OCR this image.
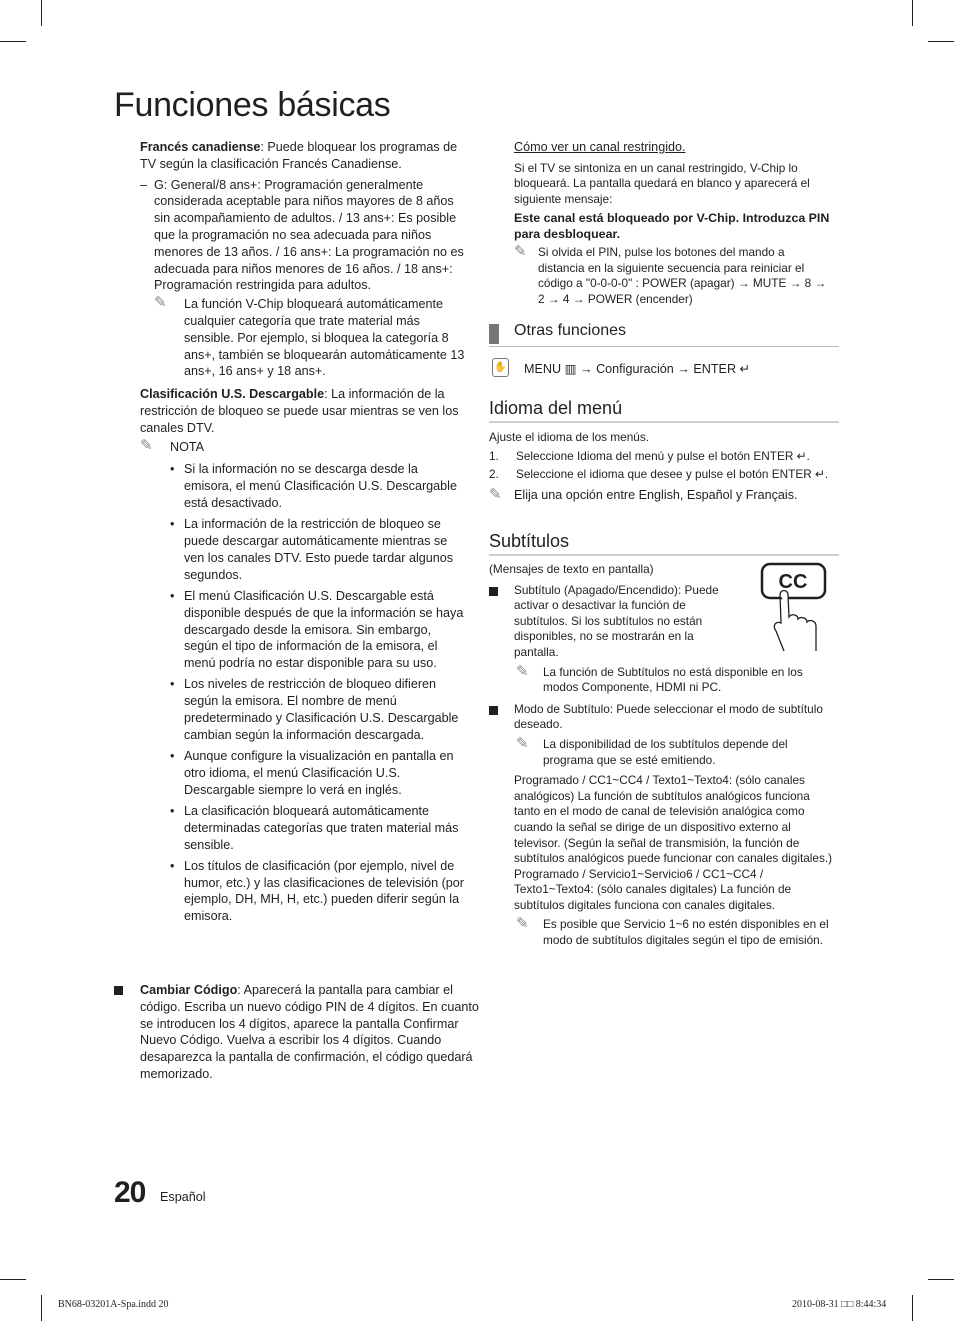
Funciones básicas

Francés canadiense: Puede bloquear los programas de TV según la clasificación Francés Canadiense.

– G: General/8 ans+: Programación generalmente considerada aceptable para niños mayores de 8 años sin acompañamiento de adultos. / 13 ans+: Es posible que la programación no sea adecuada para niños menores de 13 años. / 16 ans+: La programación no es adecuada para niños menores de 16 años. / 18 ans+: Programación restringida para adultos.

✎	La función V-Chip bloqueará automáticamente cualquier categoría que trate material más sensible. Por ejemplo, si bloquea la categoría 8 ans+, también se bloquearán automáticamente 13 ans+, 16 ans+ y 18 ans+.

Clasificación U.S. Descargable: La información de la restricción de bloqueo se puede usar mientras se ven los canales DTV.

✎	NOTA
• Si la información no se descarga desde la emisora, el menú Clasificación U.S. Descargable está desactivado.

• La información de la restricción de bloqueo se puede descargar automáticamente mientras se ven los canales DTV. Esto puede tardar algunos segundos.

• El menú Clasificación U.S. Descargable está disponible después de que la información se haya descargado desde la emisora. Sin embargo, según el tipo de información de la emisora, el menú podría no estar disponible para su uso.

• Los niveles de restricción de bloqueo difieren según la emisora. El nombre de menú predeterminado y Clasificación U.S. Descargable cambian según la información descargada.

• Aunque configure la visualización en pantalla en otro idioma, el menú Clasificación U.S. Descargable siempre lo verá en inglés.

• La clasificación bloqueará automáticamente determinadas categorías que traten material más sensible.

• Los títulos de clasificación (por ejemplo, nivel de humor, etc.) y las clasificaciones de televisión (por ejemplo, DH, MH, H, etc.) pueden diferir según la emisora.

Cambiar Código: Aparecerá la pantalla para cambiar el código. Escriba un nuevo código PIN de 4 dígitos. En cuanto se introducen los 4 dígitos, aparece la pantalla Confirmar Nuevo Código. Vuelva a escribir los 4 dígitos. Cuando desaparezca la pantalla de confirmación, el código quedará memorizado.

Cómo ver un canal restringido.

Si el TV se sintoniza en un canal restringido, V-Chip lo bloqueará. La pantalla quedará en blanco y aparecerá el siguiente mensaje:

Este canal está bloqueado por V-Chip. Introduzca PIN para desbloquear.

✎ Si olvida el PIN, pulse los botones del mando a distancia en la siguiente secuencia para reiniciar el código a "0-0-0-0" : POWER (apagar) → MUTE → 8 → 2 → 4 → POWER (encender)

Otras funciones
✋ MENU ▥ → Configuración → ENTER ↵
Idioma del menú

Ajuste el idioma de los menús.

1. Seleccione Idioma del menú y pulse el botón ENTER ↵.

2. Seleccione el idioma que desee y pulse el botón ENTER ↵.

✎ Elija una opción entre English, Español y Français.

Subtítulos

(Mensajes de texto en pantalla)

Subtítulo (Apagado/Encendido): Puede activar o desactivar la función de subtítulos. Si los subtítulos no están disponibles, no se mostrarán en la pantalla.

✎	La función de Subtítulos no está disponible en los modos Componente, HDMI ni PC.

Modo de Subtítulo: Puede seleccionar el modo de subtítulo deseado.

✎	La disponibilidad de los subtítulos depende del programa que se esté emitiendo.

Programado / CC1~CC4 / Texto1~Texto4: (sólo canales analógicos) La función de subtítulos analógicos funciona tanto en el modo de canal de televisión analógica como cuando la señal se dirige de un dispositivo externo al televisor. (Según la señal de transmisión, la función de subtítulos analógicos puede funcionar con canales digitales.)

Programado / Servicio1~Servicio6 / CC1~CC4 / Texto1~Texto4: (sólo canales digitales) La función de subtítulos digitales funciona con canales digitales.

✎	Es posible que Servicio 1~6 no estén disponibles en el modo de subtítulos digitales según el tipo de emisión.

CC
20 Español
BN68-03201A-Spa.indd 20	2010-08-31 □□ 8:44:34
